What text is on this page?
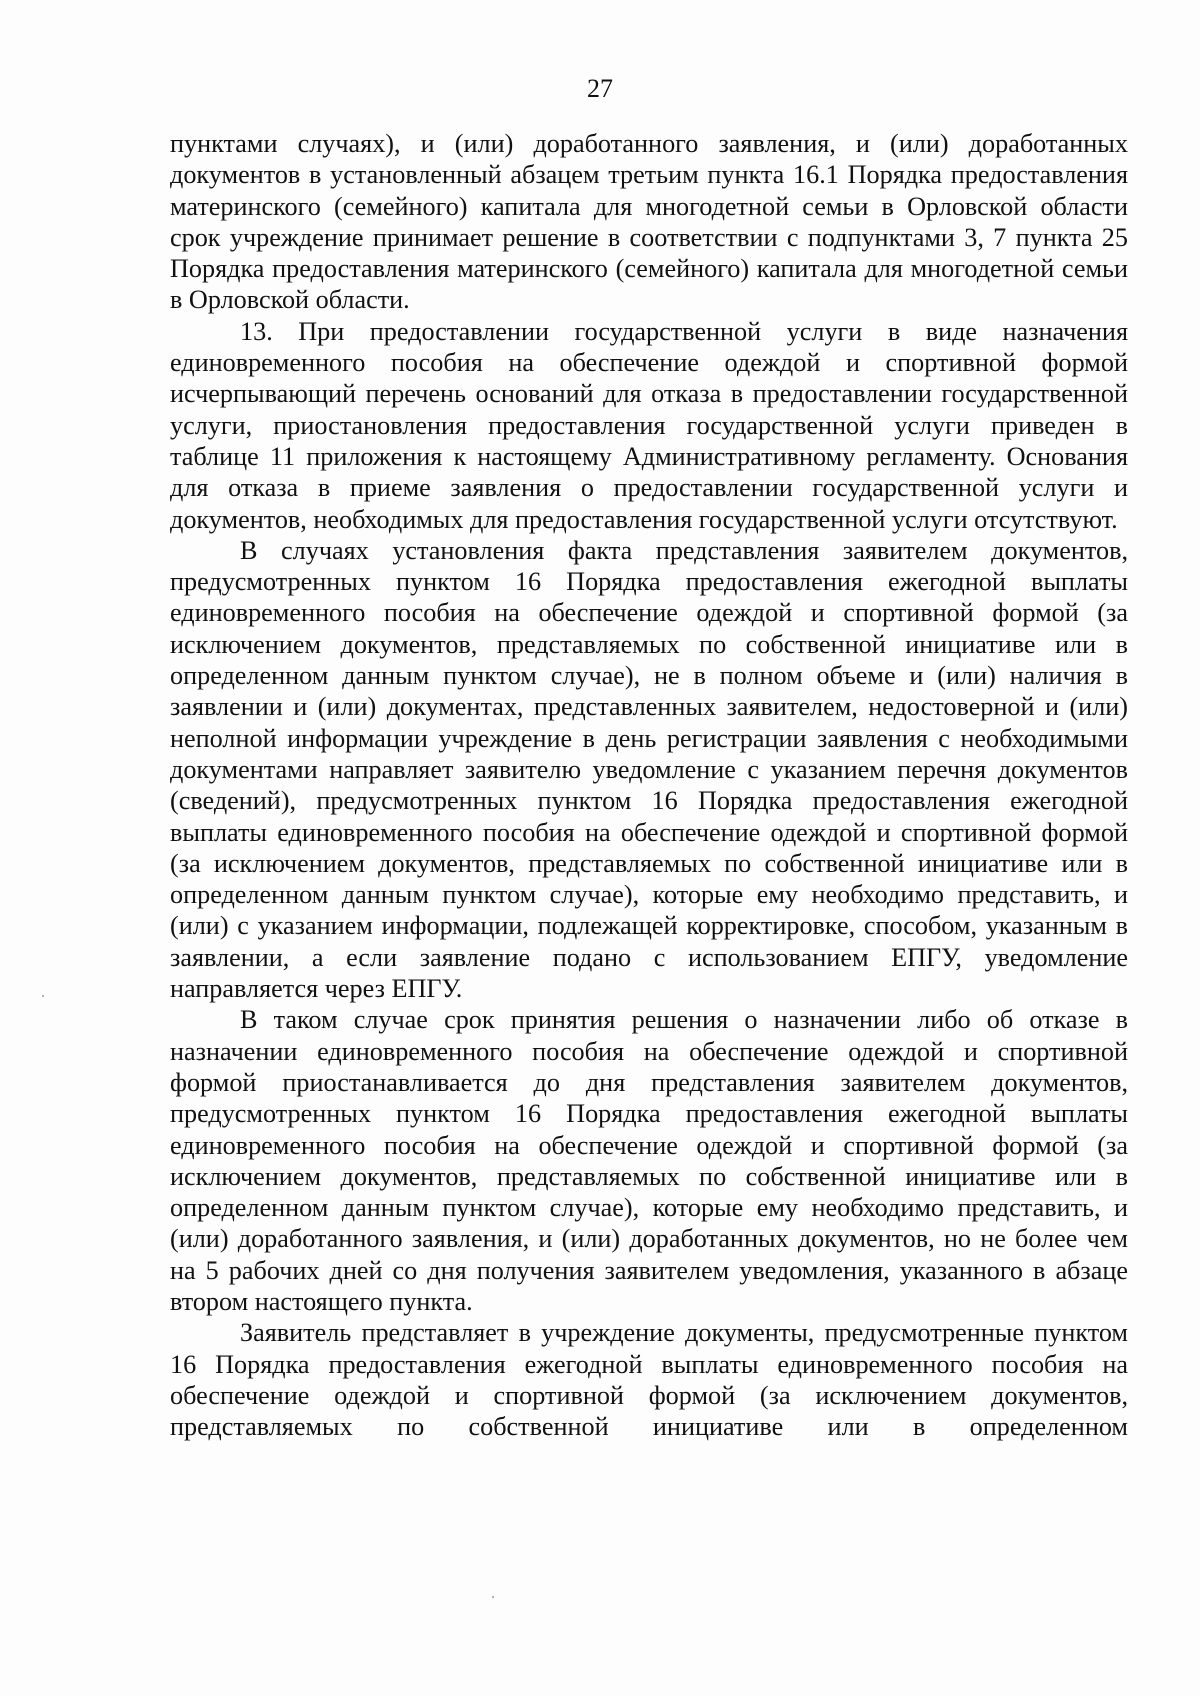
27

пунктами случаях), и (или) доработанного заявления, и (или) доработанных документов в установленный абзацем третьим пункта 16.1 Порядка предоставления материнского (семейного) капитала для многодетной семьи в Орловской области срок учреждение принимает решение в соответствии с подпунктами 3, 7 пункта 25 Порядка предоставления материнского (семейного) капитала для многодетной семьи в Орловской области.

13. При предоставлении государственной услуги в виде назначения единовременного пособия на обеспечение одеждой и спортивной формой исчерпывающий перечень оснований для отказа в предоставлении государственной услуги, приостановления предоставления государственной услуги приведен в таблице 11 приложения к настоящему Административному регламенту. Основания для отказа в приеме заявления о предоставлении государственной услуги и документов, необходимых для предоставления государственной услуги отсутствуют.

В случаях установления факта представления заявителем документов, предусмотренных пунктом 16 Порядка предоставления ежегодной выплаты единовременного пособия на обеспечение одеждой и спортивной формой (за исключением документов, представляемых по собственной инициативе или в определенном данным пунктом случае), не в полном объеме и (или) наличия в заявлении и (или) документах, представленных заявителем, недостоверной и (или) неполной информации учреждение в день регистрации заявления с необходимыми документами направляет заявителю уведомление с указанием перечня документов (сведений), предусмотренных пунктом 16 Порядка предоставления ежегодной выплаты единовременного пособия на обеспечение одеждой и спортивной формой (за исключением документов, представляемых по собственной инициативе или в определенном данным пунктом случае), которые ему необходимо представить, и (или) с указанием информации, подлежащей корректировке, способом, указанным в заявлении, а если заявление подано с использованием ЕПГУ, уведомление направляется через ЕПГУ.

В таком случае срок принятия решения о назначении либо об отказе в назначении единовременного пособия на обеспечение одеждой и спортивной формой приостанавливается до дня представления заявителем документов, предусмотренных пунктом 16 Порядка предоставления ежегодной выплаты единовременного пособия на обеспечение одеждой и спортивной формой (за исключением документов, представляемых по собственной инициативе или в определенном данным пунктом случае), которые ему необходимо представить, и (или) доработанного заявления, и (или) доработанных документов, но не более чем на 5 рабочих дней со дня получения заявителем уведомления, указанного в абзаце втором настоящего пункта.

Заявитель представляет в учреждение документы, предусмотренные пунктом 16 Порядка предоставления ежегодной выплаты единовременного пособия на обеспечение одеждой и спортивной формой (за исключением документов, представляемых по собственной инициативе или в определенном
